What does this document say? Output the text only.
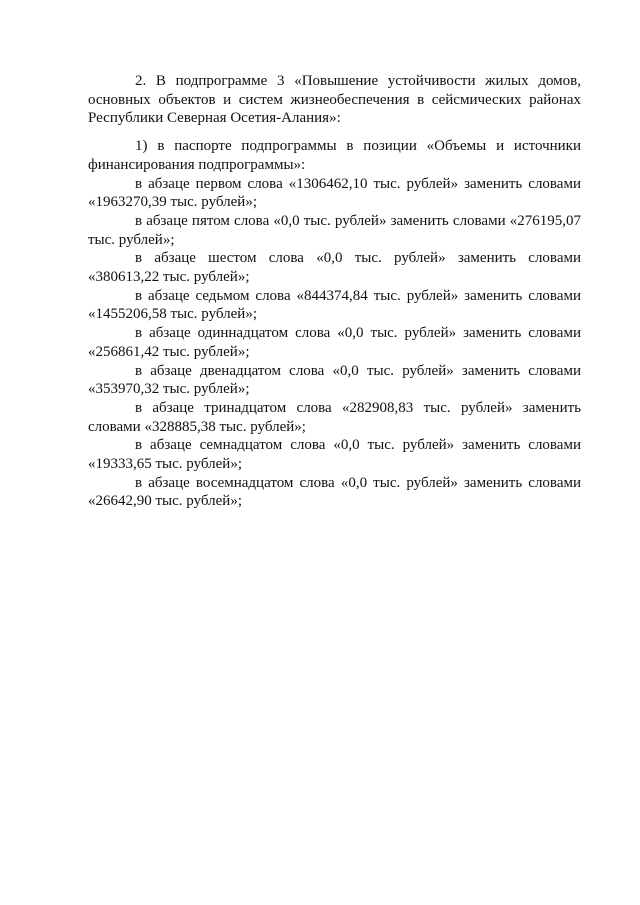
2. В подпрограмме 3 «Повышение устойчивости жилых домов, основных объектов и систем жизнеобеспечения в сейсмических районах Республики Северная Осетия-Алания»:

1) в паспорте подпрограммы в позиции «Объемы и источники финансирования подпрограммы»:

в абзаце первом слова «1306462,10 тыс. рублей» заменить словами «1963270,39 тыс. рублей»;

в абзаце пятом слова «0,0 тыс. рублей» заменить словами «276195,07 тыс. рублей»;

в абзаце шестом слова «0,0 тыс. рублей» заменить словами «380613,22 тыс. рублей»;

в абзаце седьмом слова «844374,84 тыс. рублей» заменить словами «1455206,58 тыс. рублей»;

в абзаце одиннадцатом слова «0,0 тыс. рублей» заменить словами «256861,42 тыс. рублей»;

в абзаце двенадцатом слова «0,0 тыс. рублей» заменить словами «353970,32 тыс. рублей»;

в абзаце тринадцатом слова «282908,83 тыс. рублей» заменить словами «328885,38 тыс. рублей»;

в абзаце семнадцатом слова «0,0 тыс. рублей» заменить словами «19333,65 тыс. рублей»;

в абзаце восемнадцатом слова «0,0 тыс. рублей» заменить словами «26642,90 тыс. рублей»;
